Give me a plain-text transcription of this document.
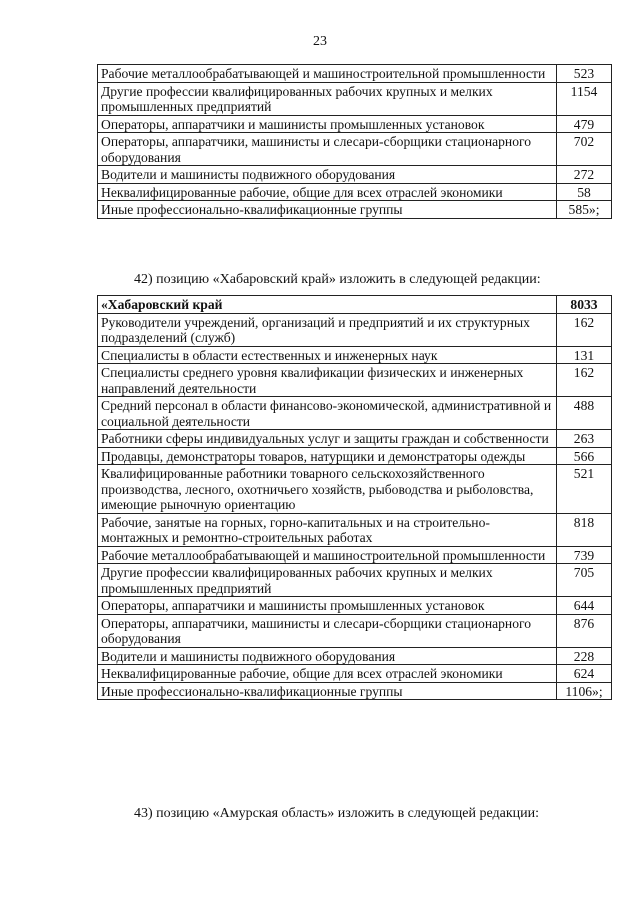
23
Рабочие металлообрабатывающей и машиностроительной промышленности	523
Другие профессии квалифицированных рабочих крупных и мелких промышленных предприятий	1154
Операторы, аппаратчики и машинисты промышленных установок	479
Операторы, аппаратчики, машинисты и слесари-сборщики стационарного оборудования	702
Водители и машинисты подвижного оборудования	272
Неквалифицированные рабочие, общие для всех отраслей экономики	58
Иные профессионально-квалификационные группы	585»;
42) позицию «Хабаровский край» изложить в следующей редакции:
«Хабаровский край	8033
Руководители учреждений, организаций и предприятий и их структурных подразделений (служб)	162
Специалисты в области естественных и инженерных наук	131
Специалисты среднего уровня квалификации физических и инженерных направлений деятельности	162
Средний персонал в области финансово-экономической, административной и социальной деятельности	488
Работники сферы индивидуальных услуг и защиты граждан и собственности	263
Продавцы, демонстраторы товаров, натурщики и демонстраторы одежды	566
Квалифицированные работники товарного сельскохозяйственного производства, лесного, охотничьего хозяйств, рыбоводства и рыболовства, имеющие рыночную ориентацию	521
Рабочие, занятые на горных, горно-капитальных и на строительно-монтажных и ремонтно-строительных работах	818
Рабочие металлообрабатывающей и машиностроительной промышленности	739
Другие профессии квалифицированных рабочих крупных и мелких промышленных предприятий	705
Операторы, аппаратчики и машинисты промышленных установок	644
Операторы, аппаратчики, машинисты и слесари-сборщики стационарного оборудования	876
Водители и машинисты подвижного оборудования	228
Неквалифицированные рабочие, общие для всех отраслей экономики	624
Иные профессионально-квалификационные группы	1106»;
43) позицию «Амурская область» изложить в следующей редакции:
